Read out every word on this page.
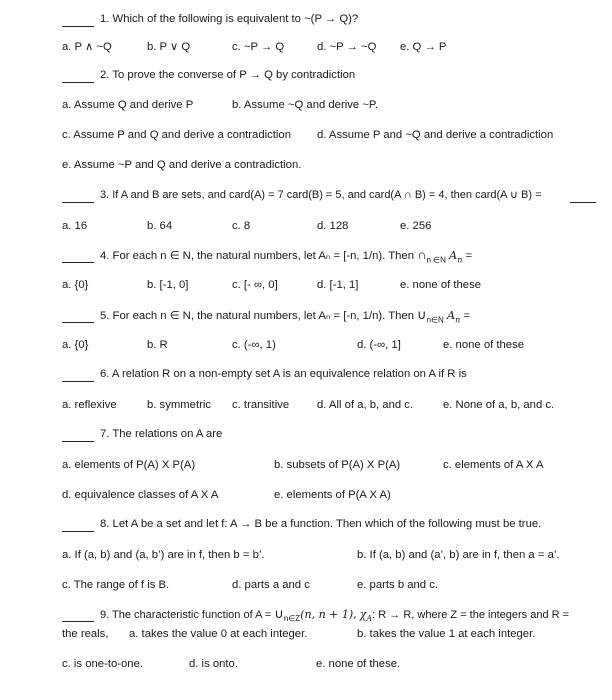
1. Which of the following is equivalent to ~(P → Q)?
a. P ∧ ~Q	b. P ∨ Q	c. ~P → Q	d. ~P → ~Q e. Q → P
2. To prove the converse of P → Q by contradiction
a. Assume Q and derive P	b. Assume ~Q and derive ~P.
c. Assume P and Q and derive a contradiction d. Assume P and ~Q and derive a contradiction
e. Assume ~P and Q and derive a contradiction.
3. If A and B are sets, and card(A) = 7 card(B) = 5, and card(A ∩ B) = 4, then card(A ∪ B) =
a. 16	b. 64	c. 8	d. 128	e. 256
4. For each n ∈ N, the natural numbers, let Aₙ = [-n, 1/n). Then $\cap_{n \in N}$ $A_n$ =
a. {0}	b. [-1, 0]	c. [- ∞, 0]	d. [-1, 1]	e. none of these
5. For each n ∈ N, the natural numbers, let Aₙ = [-n, 1/n). Then $\cup_{n\in N}$ $A_n$ =
a. {0}	b. R	c. (-∞, 1)	d. (-∞, 1]	e. none of these
6. A relation R on a non-empty set A is an equivalence relation on A if R is
a. reflexive	b. symmetric c. transitive d. All of a, b, and c.	e. None of a, b, and c.
7. The relations on A are
a. elements of P(A) X P(A)	b. subsets of P(A) X P(A)	c. elements of A X A
d. equivalence classes of A X A	e. elements of P(A X A)
8. Let A be a set and let f: A → B be a function. Then which of the following must be true.
a. If (a, b) and (a, b’) are in f, then b = b’.	b. If (a, b) and (a’, b) are in f, then a = a’.
c. The range of f is B.	d. parts a and c	e. parts b and c.
9. The characteristic function of $A = \cup_{n\in Z}(n$, n + 1), $\chi_A$: R → R, where Z = the integers and R =
the reals, a. takes the value 0 at each integer.	b. takes the value 1 at each integer.
c. is one-to-one.	d. is onto.	e. none of these.
